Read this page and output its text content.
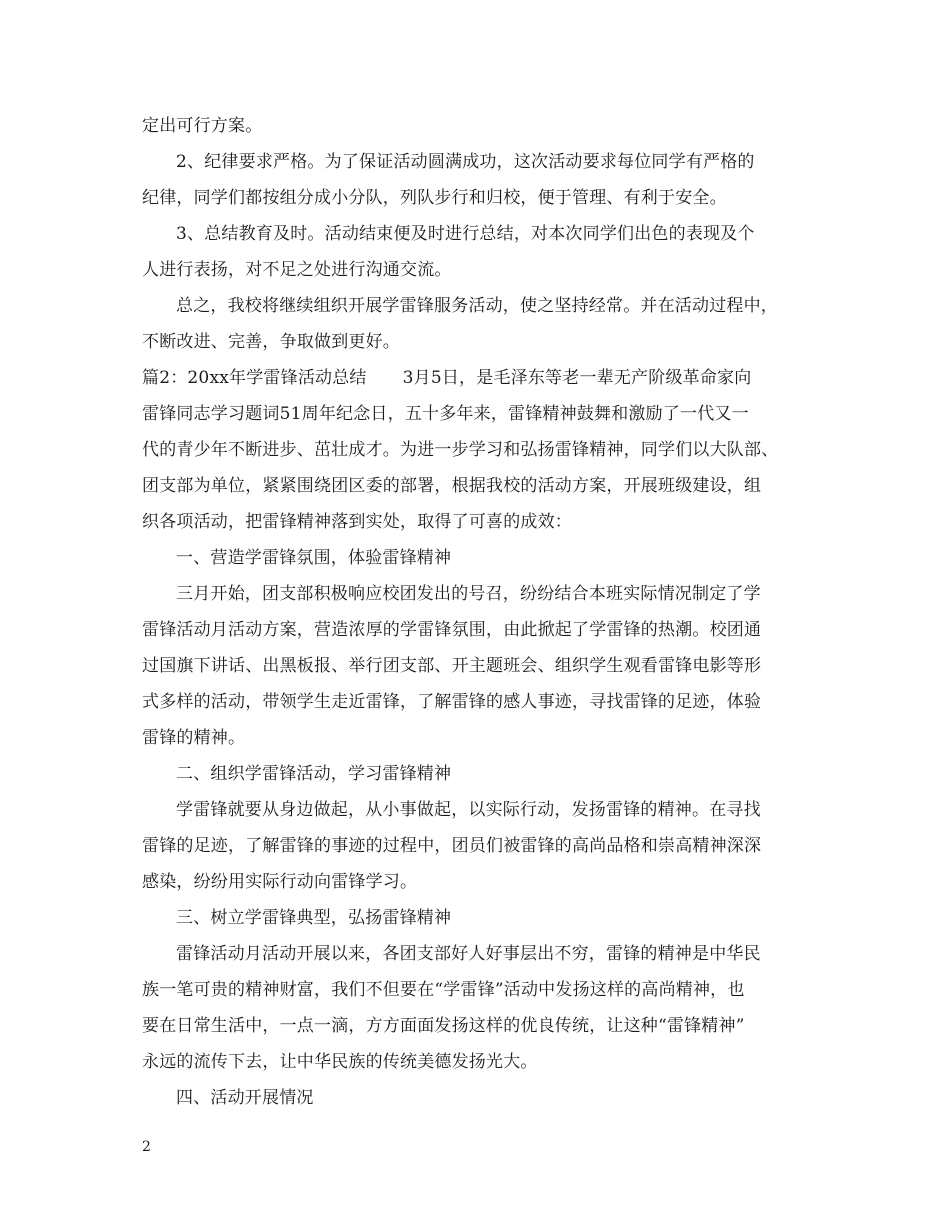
定出可行方案。
2、纪律要求严格。为了保证活动圆满成功，这次活动要求每位同学有严格的
纪律，同学们都按组分成小分队，列队步行和归校，便于管理、有利于安全。
3、总结教育及时。活动结束便及时进行总结，对本次同学们出色的表现及个
人进行表扬，对不足之处进行沟通交流。
总之，我校将继续组织开展学雷锋服务活动，使之坚持经常。并在活动过程中，
不断改进、完善，争取做到更好。
篇2：20xx年学雷锋活动总结 3月5日，是毛泽东等老一辈无产阶级革命家向
雷锋同志学习题词51周年纪念日，五十多年来，雷锋精神鼓舞和激励了一代又一
代的青少年不断进步、茁壮成才。为进一步学习和弘扬雷锋精神，同学们以大队部、
团支部为单位，紧紧围绕团区委的部署，根据我校的活动方案，开展班级建设，组
织各项活动，把雷锋精神落到实处，取得了可喜的成效：
一、营造学雷锋氛围，体验雷锋精神
三月开始，团支部积极响应校团发出的号召，纷纷结合本班实际情况制定了学
雷锋活动月活动方案，营造浓厚的学雷锋氛围，由此掀起了学雷锋的热潮。校团通
过国旗下讲话、出黑板报、举行团支部、开主题班会、组织学生观看雷锋电影等形
式多样的活动，带领学生走近雷锋，了解雷锋的感人事迹，寻找雷锋的足迹，体验
雷锋的精神。
二、组织学雷锋活动，学习雷锋精神
学雷锋就要从身边做起，从小事做起，以实际行动，发扬雷锋的精神。在寻找
雷锋的足迹，了解雷锋的事迹的过程中，团员们被雷锋的高尚品格和崇高精神深深
感染，纷纷用实际行动向雷锋学习。
三、树立学雷锋典型，弘扬雷锋精神
雷锋活动月活动开展以来，各团支部好人好事层出不穷，雷锋的精神是中华民
族一笔可贵的精神财富，我们不但要在“学雷锋”活动中发扬这样的高尚精神，也
要在日常生活中，一点一滴，方方面面发扬这样的优良传统，让这种“雷锋精神”
永远的流传下去，让中华民族的传统美德发扬光大。
四、活动开展情况
2
